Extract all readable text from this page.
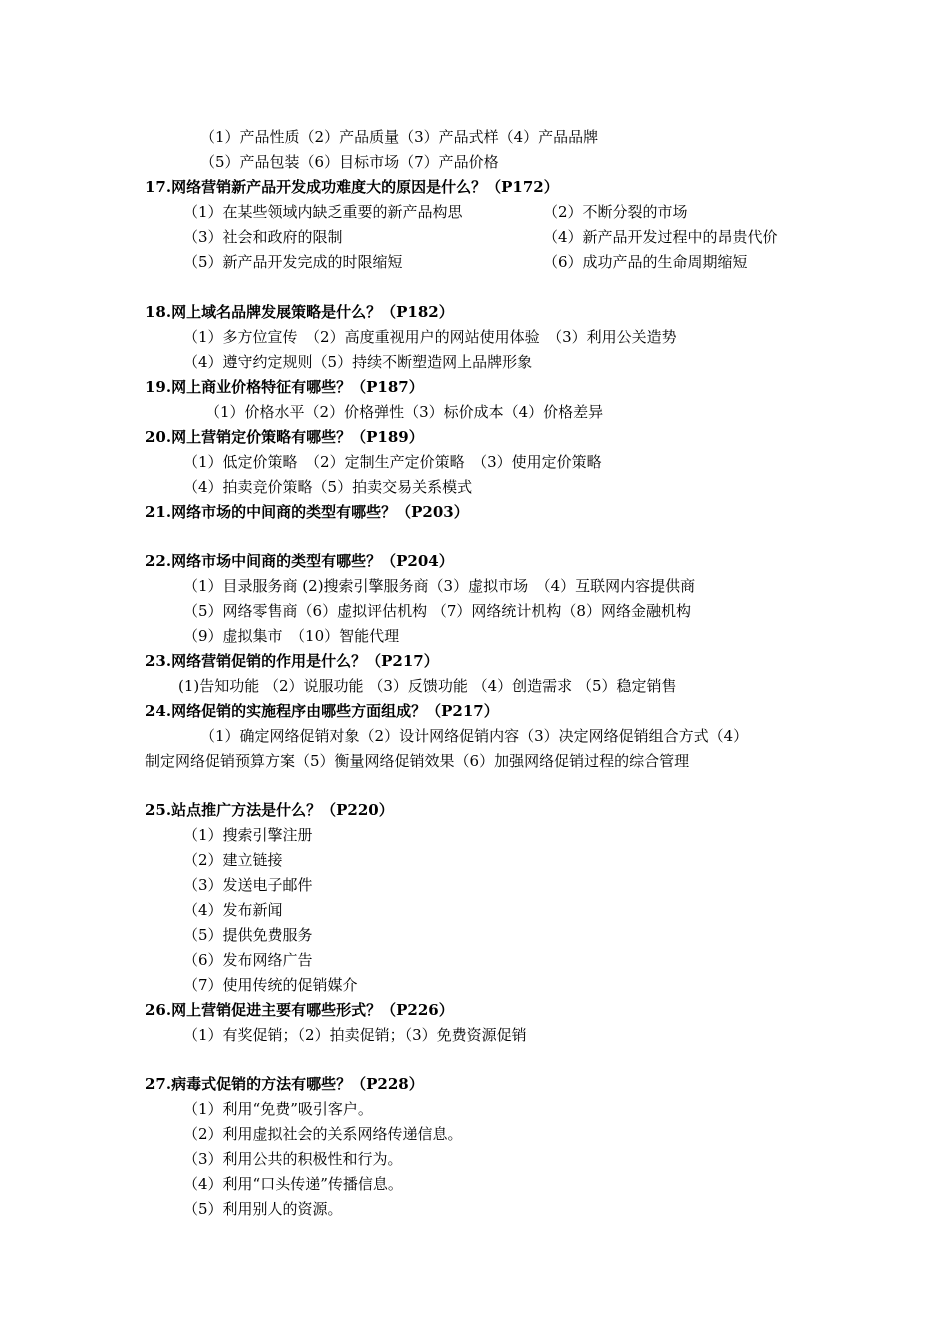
（1）产品性质（2）产品质量（3）产品式样（4）产品品牌
（5）产品包装（6）目标市场（7）产品价格
17.网络营销新产品开发成功难度大的原因是什么？（P172）
（1）在某些领域内缺乏重要的新产品构思	（2）不断分裂的市场
（3）社会和政府的限制	（4）新产品开发过程中的昂贵代价
（5）新产品开发完成的时限缩短	（6）成功产品的生命周期缩短
18.网上域名品牌发展策略是什么？（P182）
（1）多方位宣传　（2）高度重视用户的网站使用体验　（3）利用公关造势
（4）遵守约定规则（5）持续不断塑造网上品牌形象
19.网上商业价格特征有哪些？（P187）
（1）价格水平（2）价格弹性（3）标价成本（4）价格差异
20.网上营销定价策略有哪些？（P189）
（1）低定价策略　（2）定制生产定价策略　（3）使用定价策略
（4）拍卖竞价策略（5）拍卖交易关系模式
21.网络市场的中间商的类型有哪些？（P203）
22.网络市场中间商的类型有哪些？（P204）
（1）目录服务商 (2)搜索引擎服务商（3）虚拟市场　（4）互联网内容提供商
（5）网络零售商（6）虚拟评估机构 （7）网络统计机构（8）网络金融机构
（9）虚拟集市　（10）智能代理
23.网络营销促销的作用是什么？（P217）
(1)告知功能 （2）说服功能 （3）反馈功能 （4）创造需求 （5）稳定销售
24.网络促销的实施程序由哪些方面组成？（P217）
（1）确定网络促销对象（2）设计网络促销内容（3）决定网络促销组合方式（4）
制定网络促销预算方案（5）衡量网络促销效果（6）加强网络促销过程的综合管理
25.站点推广方法是什么？（P220）
（1）搜索引擎注册
（2）建立链接
（3）发送电子邮件
（4）发布新闻
（5）提供免费服务
（6）发布网络广告
（7）使用传统的促销媒介
26.网上营销促进主要有哪些形式？（P226）
（1）有奖促销；（2）拍卖促销；（3）免费资源促销
27.病毒式促销的方法有哪些？（P228）
（1）利用“免费”吸引客户。
（2）利用虚拟社会的关系网络传递信息。
（3）利用公共的积极性和行为。
（4）利用“口头传递”传播信息。
（5）利用别人的资源。
